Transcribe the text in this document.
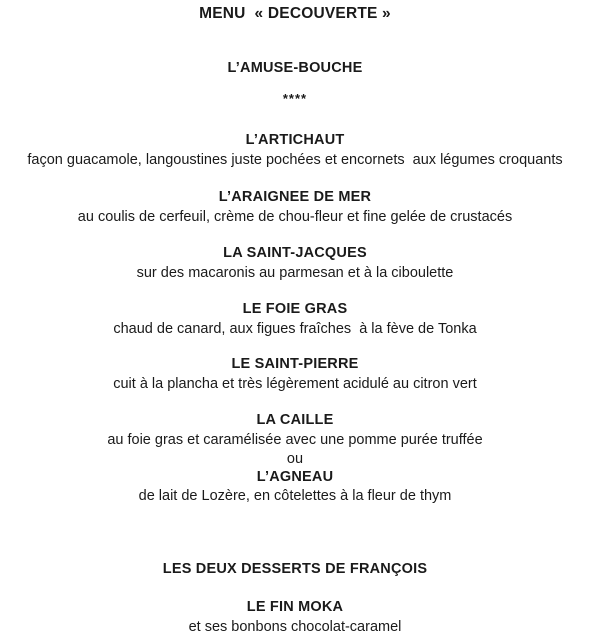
MENU  « DECOUVERTE »
L’AMUSE-BOUCHE
****
L’ARTICHAUT
façon guacamole, langoustines juste pochées et encornets  aux légumes croquants
L’ARAIGNEE DE MER
au coulis de cerfeuil, crème de chou-fleur et fine gelée de crustacés
LA SAINT-JACQUES
sur des macaronis au parmesan et à la ciboulette
LE FOIE GRAS
chaud de canard, aux figues fraîches  à la fève de Tonka
LE SAINT-PIERRE
cuit à la plancha et très légèrement acidulé au citron vert
LA CAILLE
au foie gras et caramélisée avec une pomme purée truffée
ou
L’AGNEAU
de lait de Lozère, en côtelettes à la fleur de thym
LES DEUX DESSERTS DE FRANÇOIS
LE FIN MOKA
et ses bonbons chocolat-caramel
